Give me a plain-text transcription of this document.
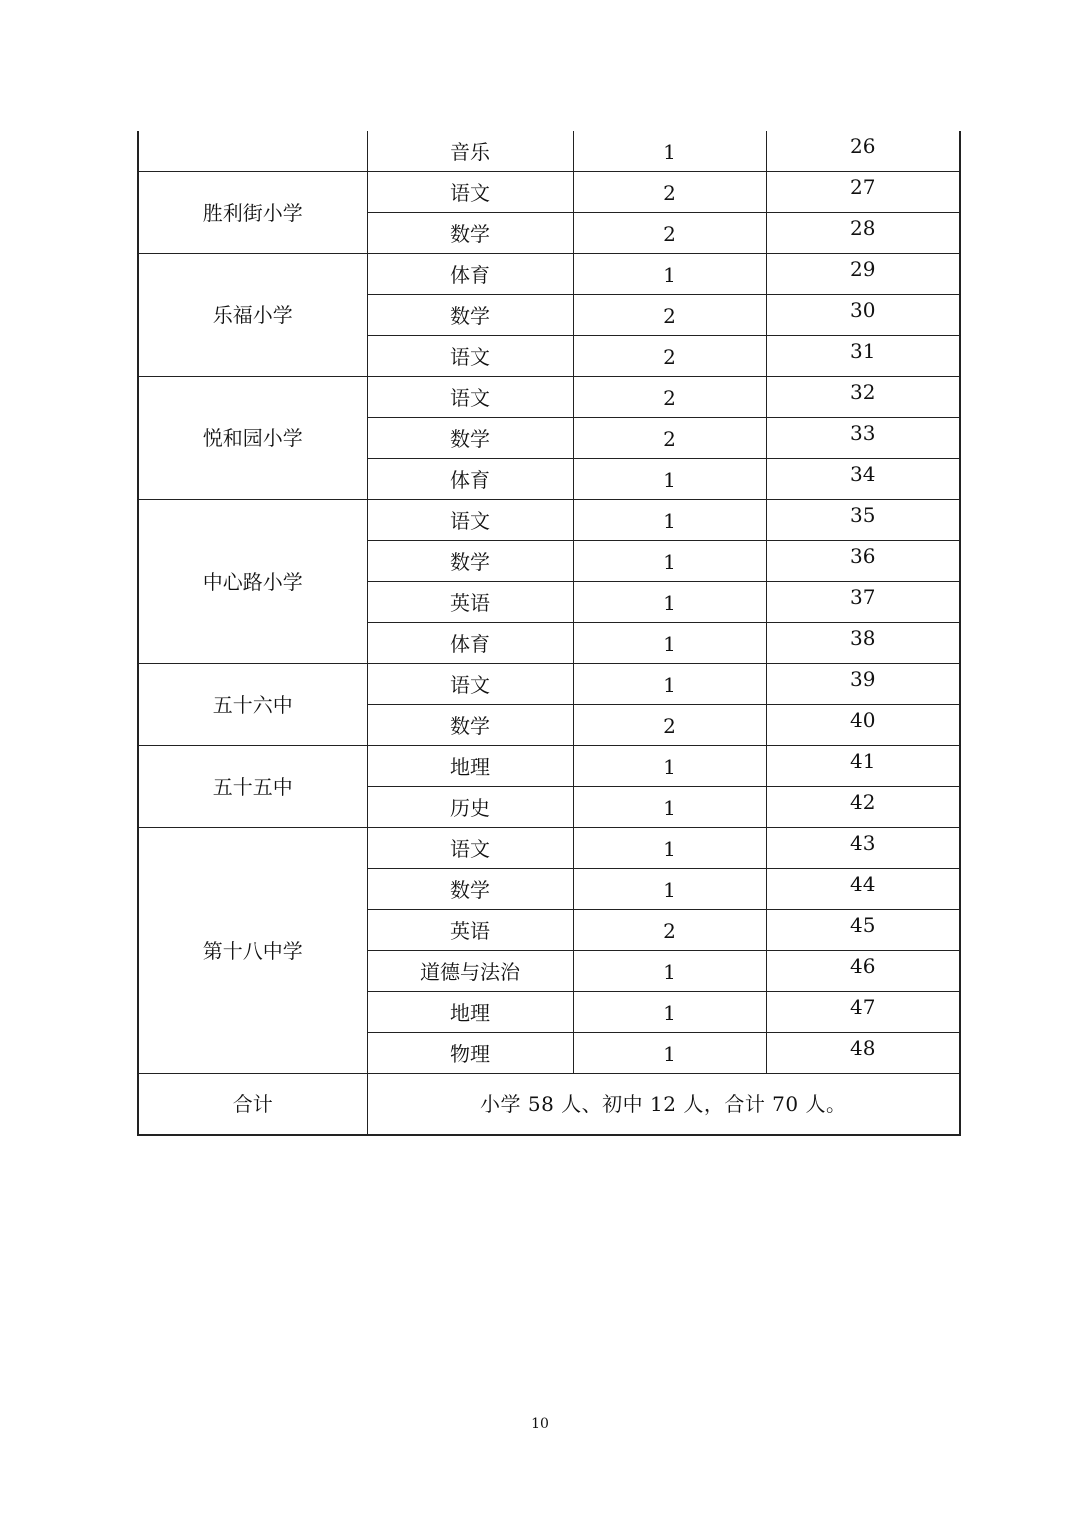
	音乐	1	26
胜利街小学	语文	2	27
	数学	2	28
乐福小学	体育	1	29
	数学	2	30
	语文	2	31
悦和园小学	语文	2	32
	数学	2	33
	体育	1	34
中心路小学	语文	1	35
	数学	1	36
	英语	1	37
	体育	1	38
五十六中	语文	1	39
	数学	2	40
五十五中	地理	1	41
	历史	1	42
第十八中学	语文	1	43
	数学	1	44
	英语	2	45
	道德与法治	1	46
	地理	1	47
	物理	1	48
合计	小学 58 人、初中 12 人，合计 70 人。		
10
